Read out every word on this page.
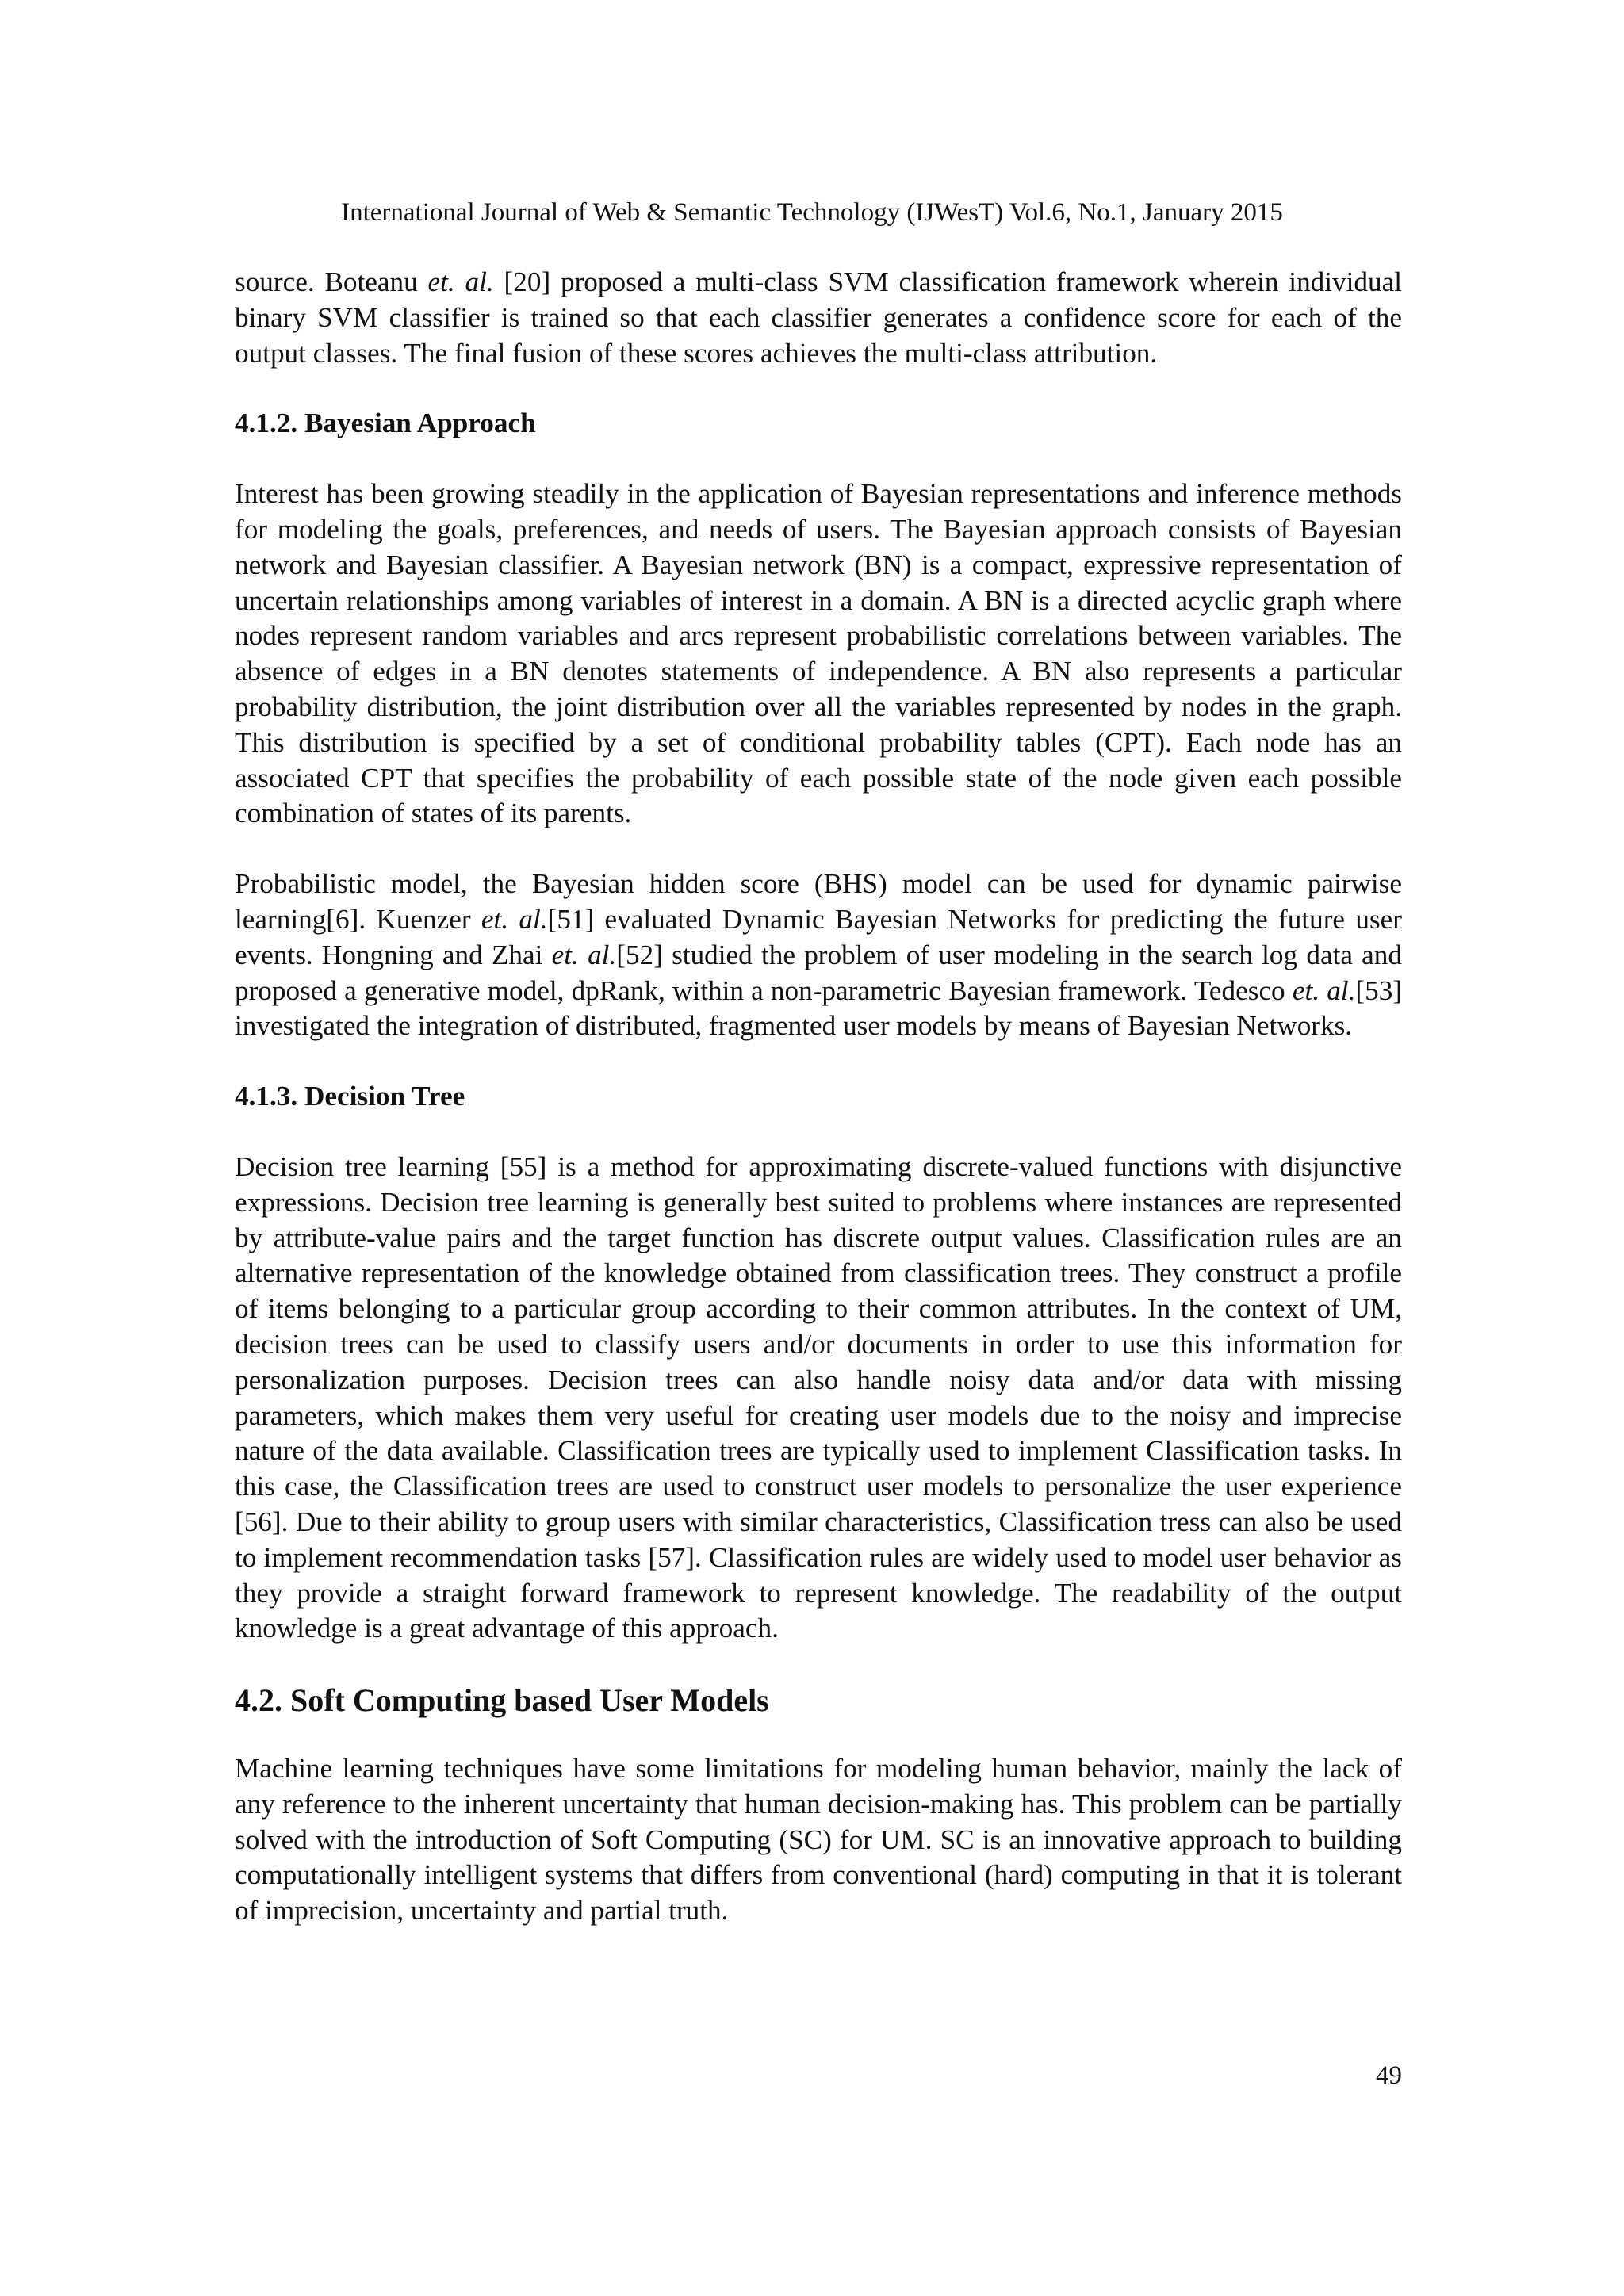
International Journal of Web & Semantic Technology (IJWesT) Vol.6, No.1, January 2015

source. Boteanu et. al. [20] proposed a multi-class SVM classification framework wherein individual binary SVM classifier is trained so that each classifier generates a confidence score for each of the output classes. The final fusion of these scores achieves the multi-class attribution.

4.1.2. Bayesian Approach

Interest has been growing steadily in the application of Bayesian representations and inference methods for modeling the goals, preferences, and needs of users. The Bayesian approach consists of Bayesian network and Bayesian classifier. A Bayesian network (BN) is a compact, expressive representation of uncertain relationships among variables of interest in a domain. A BN is a directed acyclic graph where nodes represent random variables and arcs represent probabilistic correlations between variables. The absence of edges in a BN denotes statements of independence. A BN also represents a particular probability distribution, the joint distribution over all the variables represented by nodes in the graph. This distribution is specified by a set of conditional probability tables (CPT). Each node has an associated CPT that specifies the probability of each possible state of the node given each possible combination of states of its parents.

Probabilistic model, the Bayesian hidden score (BHS) model can be used for dynamic pairwise learning[6]. Kuenzer et. al.[51] evaluated Dynamic Bayesian Networks for predicting the future user events. Hongning and Zhai et. al.[52] studied the problem of user modeling in the search log data and proposed a generative model, dpRank, within a non-parametric Bayesian framework. Tedesco et. al.[53] investigated the integration of distributed, fragmented user models by means of Bayesian Networks.

4.1.3. Decision Tree

Decision tree learning [55] is a method for approximating discrete-valued functions with disjunctive expressions. Decision tree learning is generally best suited to problems where instances are represented by attribute-value pairs and the target function has discrete output values. Classification rules are an alternative representation of the knowledge obtained from classification trees. They construct a profile of items belonging to a particular group according to their common attributes. In the context of UM, decision trees can be used to classify users and/or documents in order to use this information for personalization purposes. Decision trees can also handle noisy data and/or data with missing parameters, which makes them very useful for creating user models due to the noisy and imprecise nature of the data available. Classification trees are typically used to implement Classification tasks. In this case, the Classification trees are used to construct user models to personalize the user experience [56]. Due to their ability to group users with similar characteristics, Classification tress can also be used to implement recommendation tasks [57]. Classification rules are widely used to model user behavior as they provide a straight forward framework to represent knowledge. The readability of the output knowledge is a great advantage of this approach.

4.2. Soft Computing based User Models

Machine learning techniques have some limitations for modeling human behavior, mainly the lack of any reference to the inherent uncertainty that human decision-making has. This problem can be partially solved with the introduction of Soft Computing (SC) for UM. SC is an innovative approach to building computationally intelligent systems that differs from conventional (hard) computing in that it is tolerant of imprecision, uncertainty and partial truth.

49
